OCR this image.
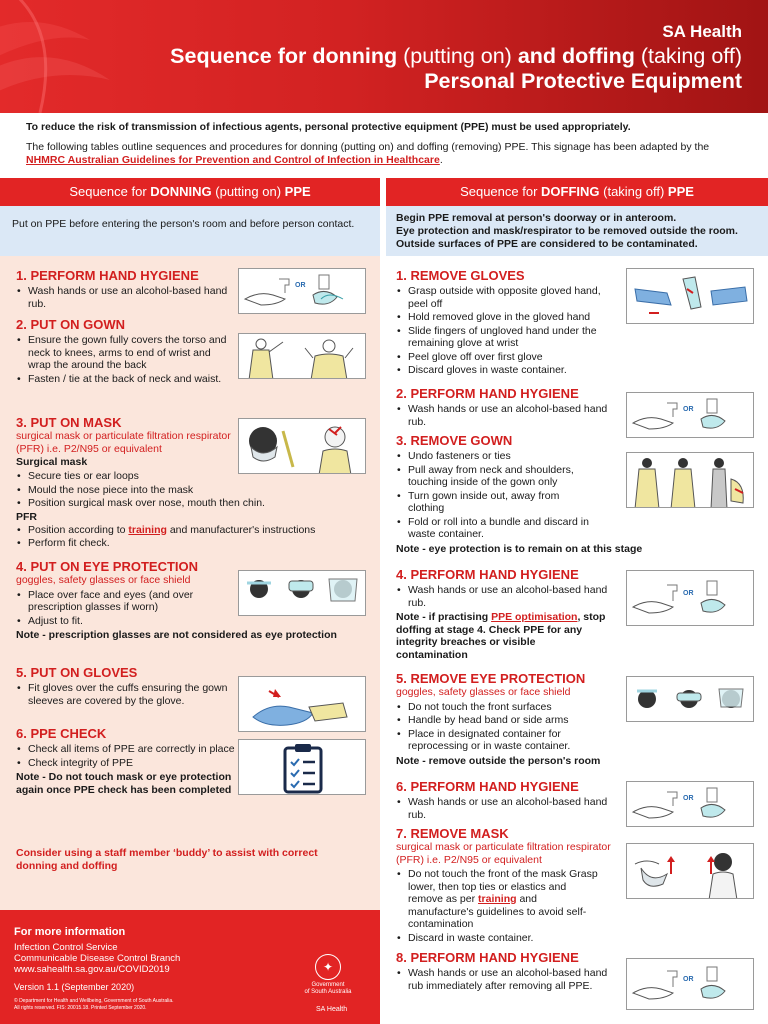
SA Health
Sequence for donning (putting on) and doffing (taking off)
Personal Protective Equipment
To reduce the risk of transmission of infectious agents, personal protective equipment (PPE) must be used appropriately.
The following tables outline sequences and procedures for donning (putting on) and doffing (removing) PPE. This signage has been adapted by the NHMRC Australian Guidelines for Prevention and Control of Infection in Healthcare.
Sequence for DONNING (putting on) PPE
Put on PPE before entering the person's room and before person contact.
1. PERFORM HAND HYGIENE
• Wash hands or use an alcohol-based hand rub.
OR
2. PUT ON GOWN
• Ensure the gown fully covers the torso and neck to knees, arms to end of wrist and wrap the around the back
• Fasten / tie at the back of neck and waist.
3. PUT ON MASK
surgical mask or particulate filtration respirator (PFR) i.e. P2/N95 or equivalent
Surgical mask
• Secure ties or ear loops
• Mould the nose piece into the mask
• Position surgical mask over nose, mouth then chin.
PFR
• Position according to training and manufacturer's instructions
• Perform fit check.
4. PUT ON EYE PROTECTION
goggles, safety glasses or face shield
• Place over face and eyes (and over prescription glasses if worn)
• Adjust to fit.
Note - prescription glasses are not considered as eye protection
5. PUT ON GLOVES
• Fit gloves over the cuffs ensuring the gown sleeves are covered by the glove.
6. PPE CHECK
• Check all items of PPE are correctly in place
• Check integrity of PPE
Note - Do not touch mask or eye protection again once PPE check has been completed
Consider using a staff member ‘buddy’ to assist with correct donning and doffing
For more information
Infection Control Service
Communicable Disease Control Branch
www.sahealth.sa.gov.au/COVID2019
Version 1.1 (September 2020)
© Department for Health and Wellbeing, Government of South Australia.
All rights reserved. FIS: 20015.18. Printed September 2020.
✦
Government
of South Australia
SA Health
Sequence for DOFFING (taking off) PPE
Begin PPE removal at person's doorway or in anteroom.
Eye protection and mask/respirator to be removed outside the room.
Outside surfaces of PPE are considered to be contaminated.
1. REMOVE GLOVES
• Grasp outside with opposite gloved hand, peel off
• Hold removed glove in the gloved hand
• Slide fingers of ungloved hand under the remaining glove at wrist
• Peel glove off over first glove
• Discard gloves in waste container.
2. PERFORM HAND HYGIENE
• Wash hands or use an alcohol-based hand rub.
OR
3. REMOVE GOWN
• Undo fasteners or ties
• Pull away from neck and shoulders, touching inside of the gown only
• Turn gown inside out, away from clothing
• Fold or roll into a bundle and discard in waste container.
Note - eye protection is to remain on at this stage
4. PERFORM HAND HYGIENE
• Wash hands or use an alcohol-based hand rub.
Note - if practising PPE optimisation, stop doffing at stage 4. Check PPE for any integrity breaches or visible contamination
OR
5. REMOVE EYE PROTECTION
goggles, safety glasses or face shield
• Do not touch the front surfaces
• Handle by head band or side arms
• Place in designated container for reprocessing or in waste container.
Note - remove outside the person's room
6. PERFORM HAND HYGIENE
• Wash hands or use an alcohol-based hand rub.
OR
7. REMOVE MASK
surgical mask or particulate filtration respirator (PFR) i.e. P2/N95 or equivalent
• Do not touch the front of the mask Grasp lower, then top ties or elastics and remove as per training and manufacture's guidelines to avoid self-contamination
• Discard in waste container.
8. PERFORM HAND HYGIENE
• Wash hands or use an alcohol-based hand rub immediately after removing all PPE.	OR
